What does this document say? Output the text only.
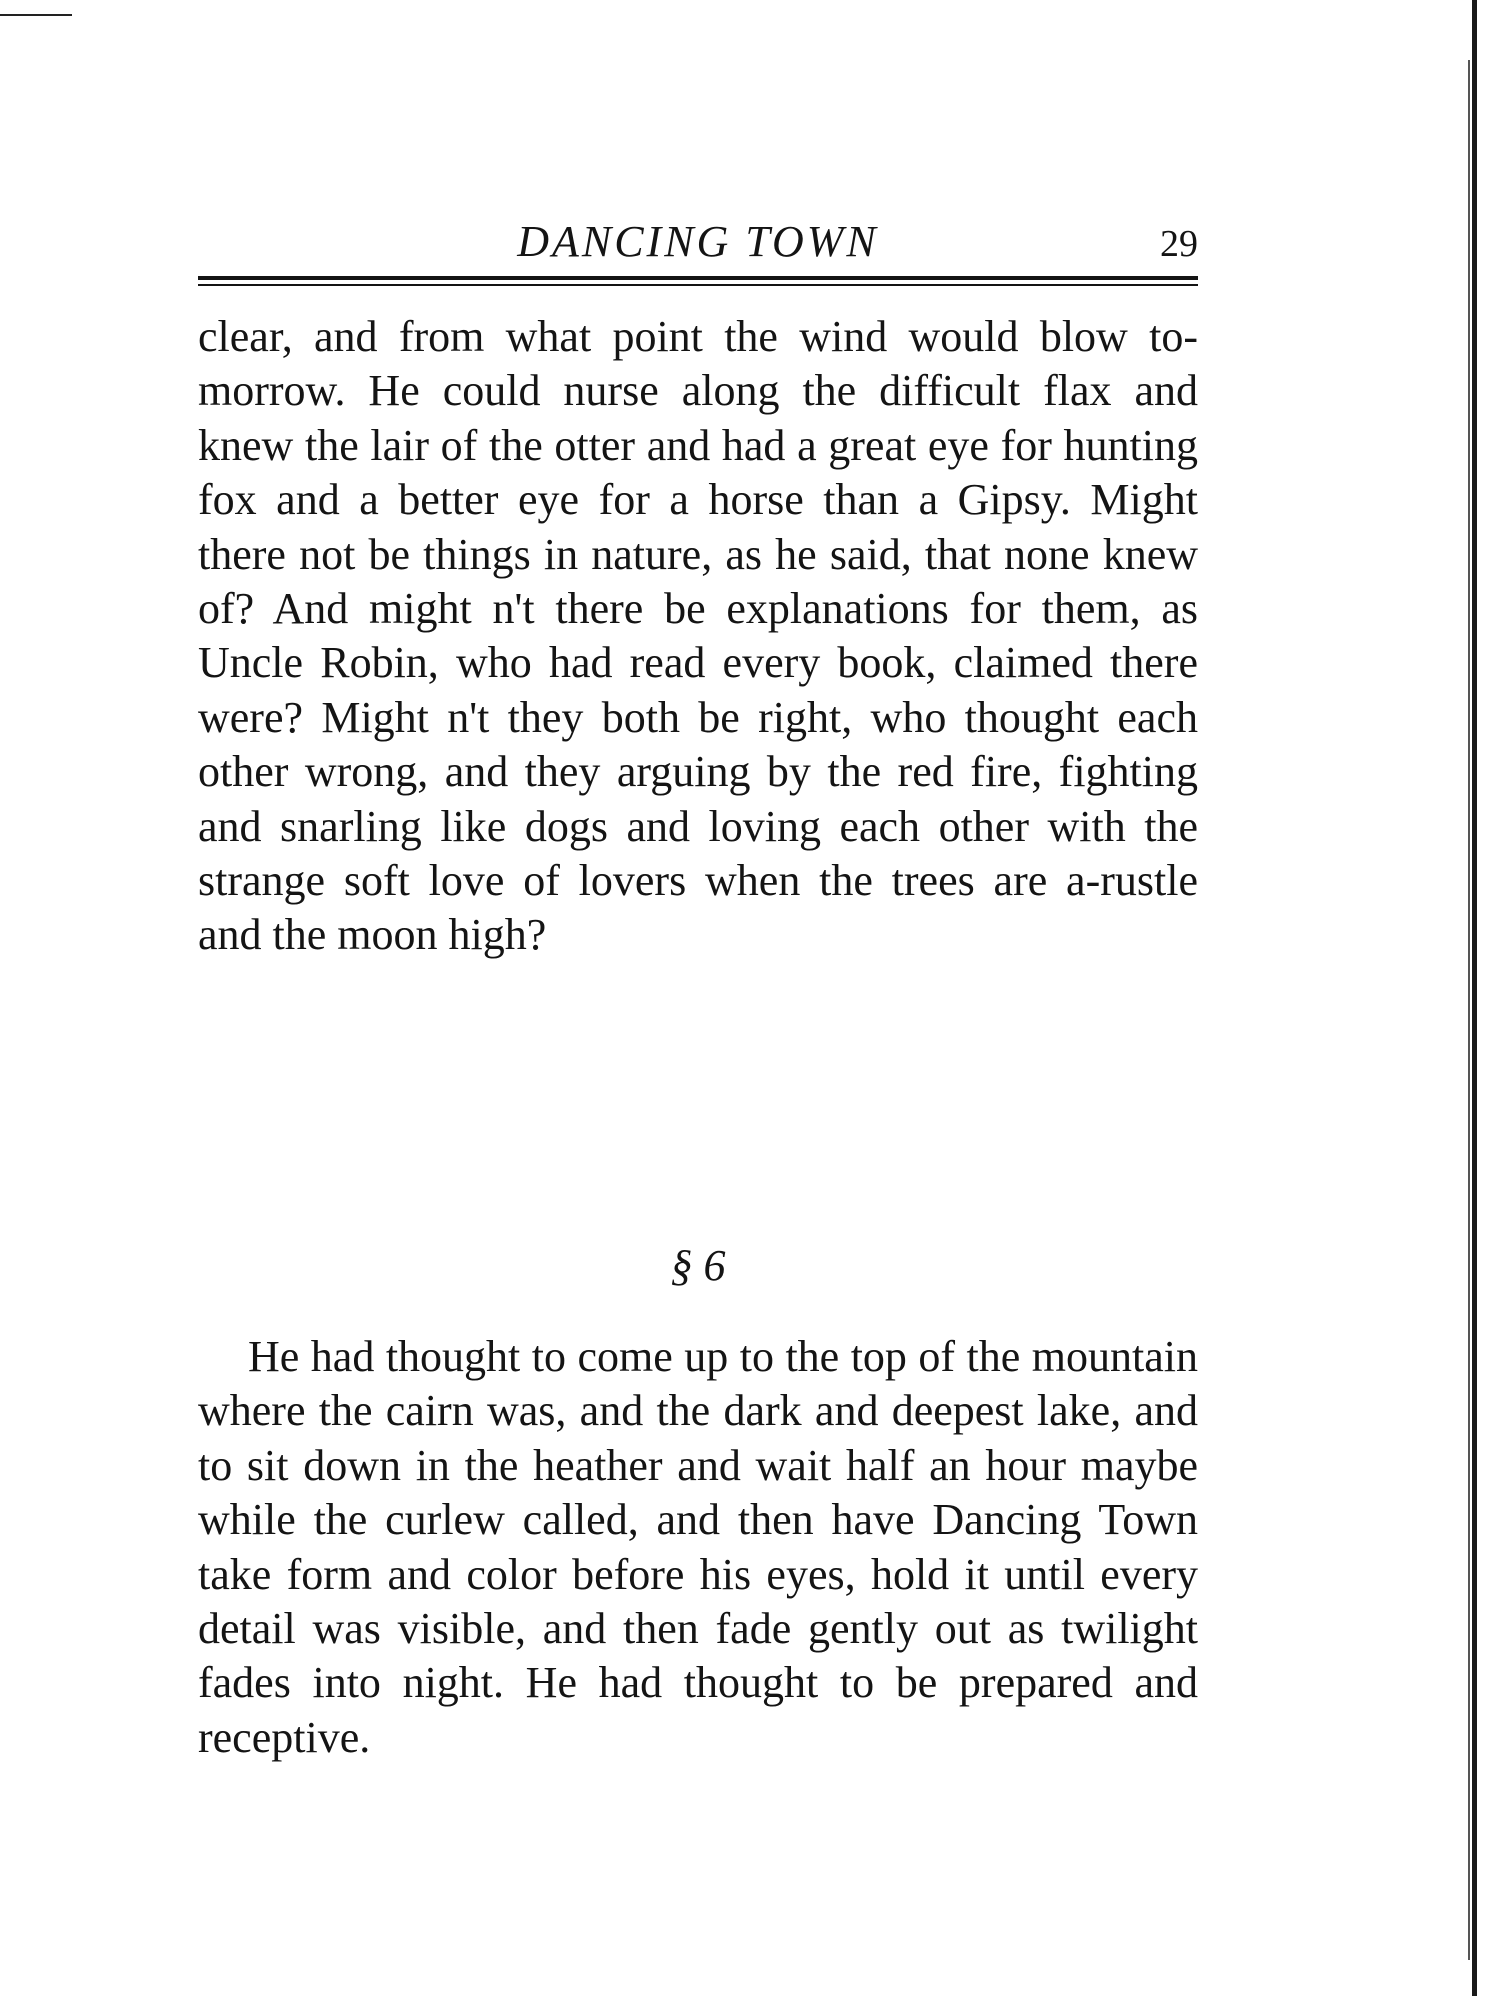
DANCING TOWN	29

clear, and from what point the wind would blow to-morrow. He could nurse along the difficult flax and knew the lair of the otter and had a great eye for hunting fox and a better eye for a horse than a Gipsy. Might there not be things in nature, as he said, that none knew of? And might n't there be explanations for them, as Uncle Robin, who had read every book, claimed there were? Might n't they both be right, who thought each other wrong, and they arguing by the red fire, fighting and snarling like dogs and loving each other with the strange soft love of lovers when the trees are a-rustle and the moon high?

§ 6

He had thought to come up to the top of the mountain where the cairn was, and the dark and deepest lake, and to sit down in the heather and wait half an hour maybe while the curlew called, and then have Dancing Town take form and color before his eyes, hold it until every detail was visible, and then fade gently out as twilight fades into night. He had thought to be prepared and receptive.
